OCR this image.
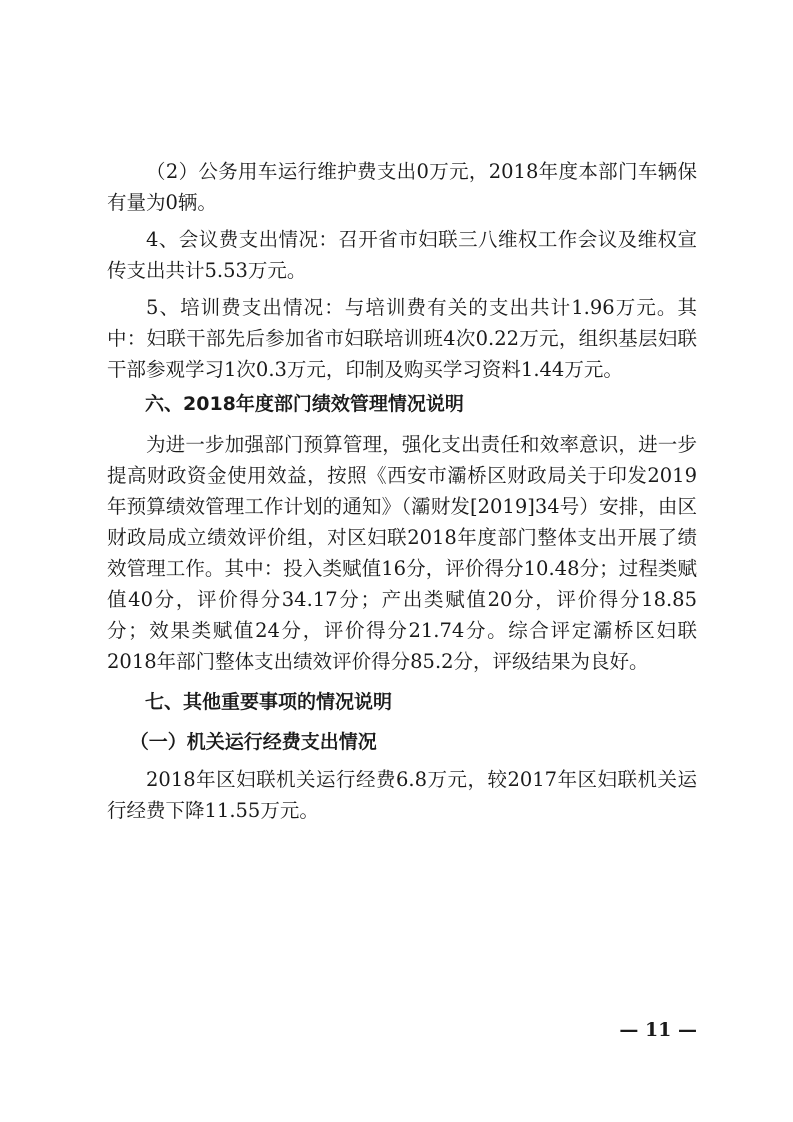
（2）公务用车运行维护费支出0万元，2018年度本部门车辆保有量为0辆。

4、会议费支出情况：召开省市妇联三八维权工作会议及维权宣传支出共计5.53万元。

5、培训费支出情况：与培训费有关的支出共计1.96万元。其中：妇联干部先后参加省市妇联培训班4次0.22万元，组织基层妇联干部参观学习1次0.3万元，印制及购买学习资料1.44万元。

六、2018年度部门绩效管理情况说明

为进一步加强部门预算管理，强化支出责任和效率意识，进一步提高财政资金使用效益，按照《西安市灞桥区财政局关于印发2019年预算绩效管理工作计划的通知》（灞财发[2019]34号）安排，由区财政局成立绩效评价组，对区妇联2018年度部门整体支出开展了绩效管理工作。其中：投入类赋值16分，评价得分10.48分；过程类赋值40分，评价得分34.17分；产出类赋值20分，评价得分18.85分；效果类赋值24分，评价得分21.74分。综合评定灞桥区妇联2018年部门整体支出绩效评价得分85.2分，评级结果为良好。

七、其他重要事项的情况说明

（一）机关运行经费支出情况

2018年区妇联机关运行经费6.8万元，较2017年区妇联机关运行经费下降11.55万元。

— 11 —
